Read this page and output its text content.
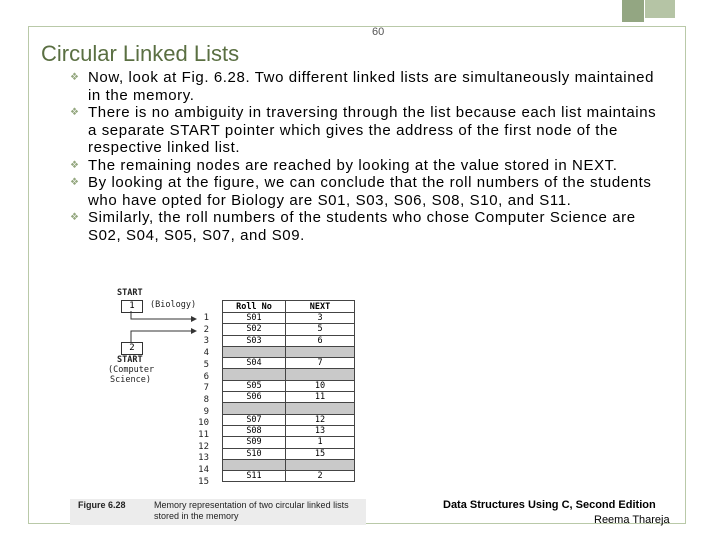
60
Circular Linked Lists
❖ Now, look at Fig. 6.28. Two different linked lists are simultaneously maintained in the memory.
❖ There is no ambiguity in traversing through the list because each list maintains a separate START pointer which gives the address of the first node of the respective linked list.
❖ The remaining nodes are reached by looking at the value stored in NEXT.
❖ By looking at the figure, we can conclude that the roll numbers of the students who have opted for Biology are S01, S03, S06, S08, S10, and S11.
❖ Similarly, the roll numbers of the students who chose Computer Science are S02, S04, S05, S07, and S09.
START
1	(Biology)
START
2
(Computer
Science)
1
2
3
4
5
6
7
8
9
10
11
12
13
14
15
Roll No	NEXT
S01	3
S02	5
S03	6

S04	7

S05	10
S06	11

S07	12
S08	13
S09	1
S10	15

S11	2
Figure 6.28	Memory representation of two circular linked lists stored in the memory
Data Structures Using C, Second Edition
Reema Thareja
